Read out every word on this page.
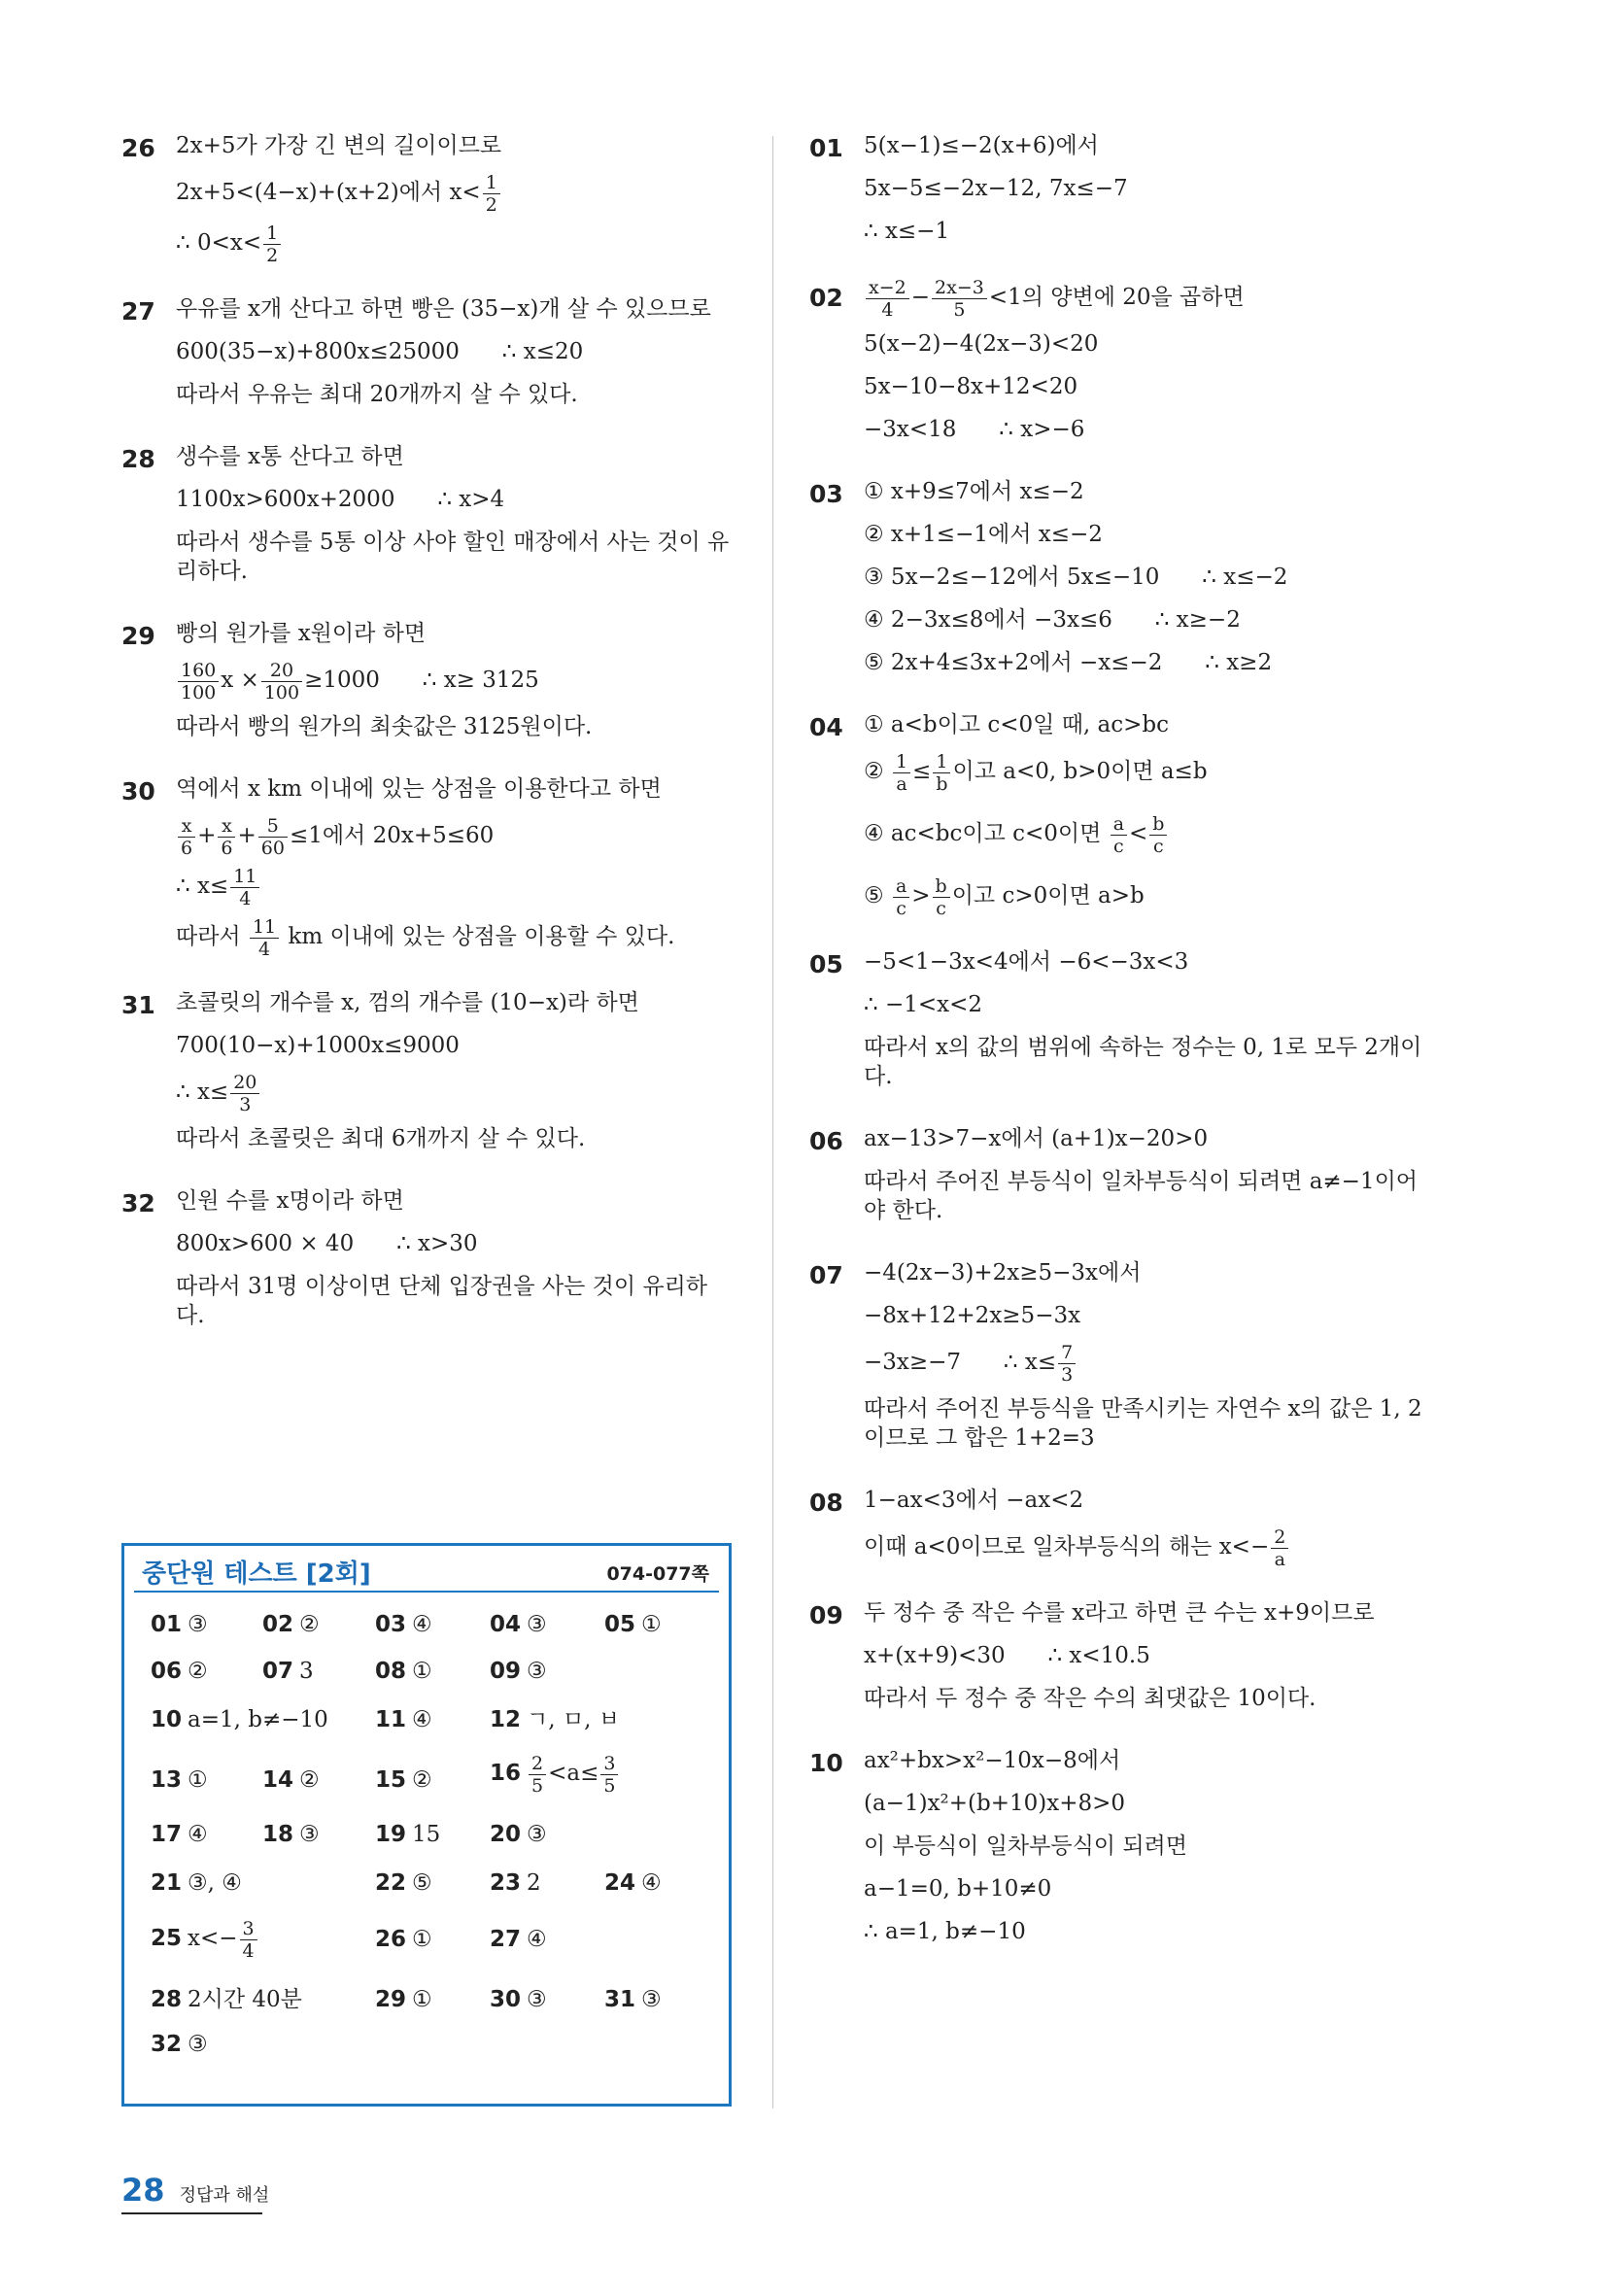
26 2x+5가 가장 긴 변의 길이이므로
2x+5<(4−x)+(x+2)에서 $x< \frac{1}{2}$
∴ $0<x< \frac{1}{2}$
27 우유를 x개 산다고 하면 빵은 (35−x)개 살 수 있으므로
600(35−x)+800x≤25000      ∴ x≤20
따라서 우유는 최대 20개까지 살 수 있다.
28 생수를 x통 산다고 하면
1100x>600x+2000      ∴ x>4
따라서 생수를 5통 이상 사야 할인 매장에서 사는 것이 유리하다.
29 빵의 원가를 x원이라 하면
$\frac{160}{100}$ $x \times \frac{20}{100} \ge 1000$      ∴ x≥ 3125
따라서 빵의 원가의 최솟값은 3125원이다.
30 역에서 x km 이내에 있는 상점을 이용한다고 하면
$\frac{x}{6} + \frac{x}{6} + \frac{5}{60} \le 1$에서 20x+5≤60
∴ $x\le \frac{11}{4}$
따라서 $\frac{11}{4}$ km 이내에 있는 상점을 이용할 수 있다.
31 초콜릿의 개수를 x, 껌의 개수를 (10−x)라 하면
700(10−x)+1000x≤9000
∴ $x\le \frac{20}{3}$
따라서 초콜릿은 최대 6개까지 살 수 있다.
32 인원 수를 x명이라 하면
800x>600 × 40      ∴ x>30
따라서 31명 이상이면 단체 입장권을 사는 것이 유리하다.
중단원 테스트 [2회]	074-077쪽
01 ③ 02 ② 03 ④	04 ③	05 ①
06 ② 07 3	08 ①	09 ③
10 a=1, b≠−10 11 ④	12 ㄱ, ㅁ, ㅂ
13 ① 14 ② 15 ②	$16 \frac{2}{5} <a\le \frac{3}{5}$
17 ④ 18 ③ 19 15 20 ③
21 ③, ④	22 ⑤	23 2	24 ④
25 $x<- \frac{3}{4}$	26 ①	27 ④
28 2시간 40분	29 ①	30 ③	31 ③
32 ③
01 5(x−1)≤−2(x+6)에서
5x−5≤−2x−12, 7x≤−7
∴ x≤−1
$02 \frac{x-2}{4} - \frac{2x-3}{5} <1$의 양변에 20을 곱하면
5(x−2)−4(2x−3)<20
5x−10−8x+12<20
−3x<18      ∴ x>−6
03 ① x+9≤7에서 x≤−2
② x+1≤−1에서 x≤−2
③ 5x−2≤−12에서 5x≤−10      ∴ x≤−2
④ 2−3x≤8에서 −3x≤6      ∴ x≥−2
⑤ 2x+4≤3x+2에서 −x≤−2      ∴ x≥2
04 ① a<b이고 c<0일 때, ac>bc
② $\frac{1}{a} \le \frac{1}{b}$ 이고 a<0, b>0이면 a≤b
④ ac<bc이고 c<0이면 $\frac{a}{c} < \frac{b}{c}$
⑤ $\frac{a}{c} > \frac{b}{c}$ 이고 c>0이면 a>b
05 −5<1−3x<4에서 −6<−3x<3
∴ −1<x<2
따라서 x의 값의 범위에 속하는 정수는 0, 1로 모두 2개이다.
06 ax−13>7−x에서 (a+1)x−20>0
따라서 주어진 부등식이 일차부등식이 되려면 a≠−1이어야 한다.
07 −4(2x−3)+2x≥5−3x에서
−8x+12+2x≥5−3x
−3x≥−7      ∴ $x\le \frac{7}{3}$
따라서 주어진 부등식을 만족시키는 자연수 x의 값은 1, 2이므로 그 합은 1+2=3
08 1−ax<3에서 −ax<2
이때 a<0이므로 일차부등식의 해는 $x<- \frac{2}{a}$
09 두 정수 중 작은 수를 x라고 하면 큰 수는 x+9이므로
x+(x+9)<30      ∴ x<10.5
따라서 두 정수 중 작은 수의 최댓값은 10이다.
10 ax²+bx>x²−10x−8에서
(a−1)x²+(b+10)x+8>0
이 부등식이 일차부등식이 되려면
a−1=0, b+10≠0
∴ a=1, b≠−10
28 정답과 해설
